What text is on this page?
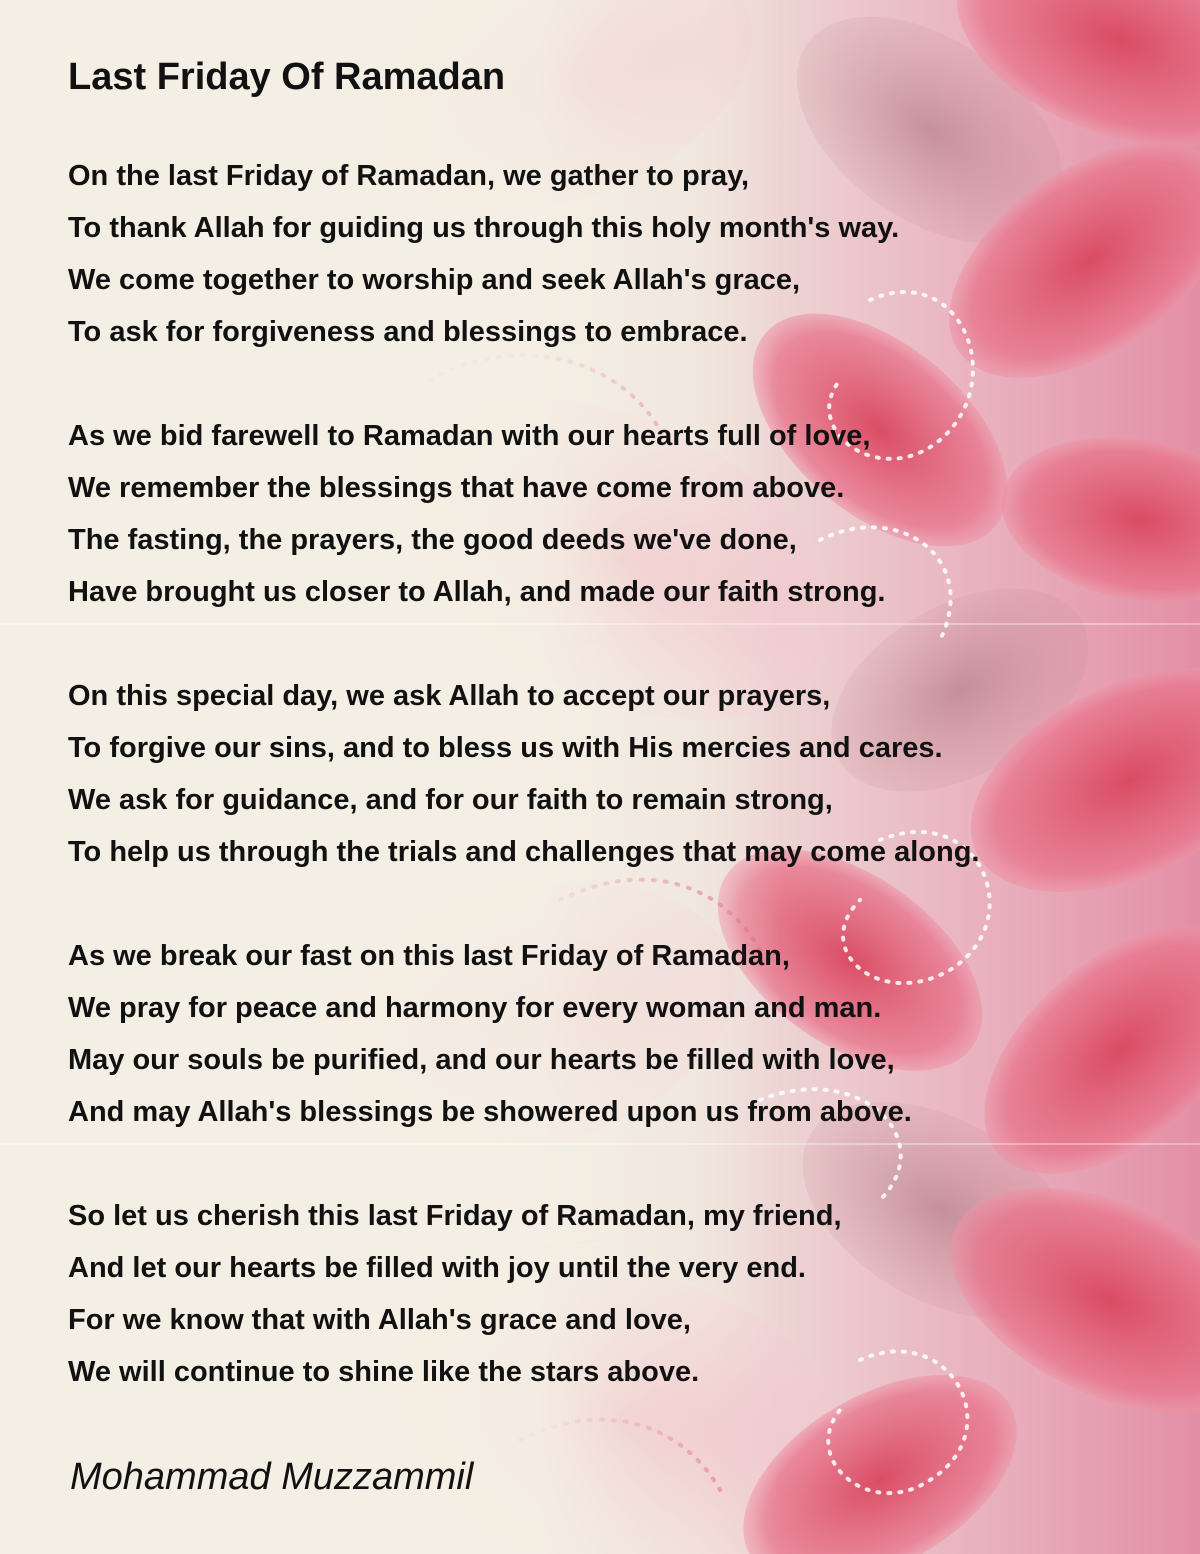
Last Friday Of Ramadan
On the last Friday of Ramadan, we gather to pray,
To thank Allah for guiding us through this holy month's way.
We come together to worship and seek Allah's grace,
To ask for forgiveness and blessings to embrace.
As we bid farewell to Ramadan with our hearts full of love,
We remember the blessings that have come from above.
The fasting, the prayers, the good deeds we've done,
Have brought us closer to Allah, and made our faith strong.
On this special day, we ask Allah to accept our prayers,
To forgive our sins, and to bless us with His mercies and cares.
We ask for guidance, and for our faith to remain strong,
To help us through the trials and challenges that may come along.
As we break our fast on this last Friday of Ramadan,
We pray for peace and harmony for every woman and man.
May our souls be purified, and our hearts be filled with love,
And may Allah's blessings be showered upon us from above.
So let us cherish this last Friday of Ramadan, my friend,
And let our hearts be filled with joy until the very end.
For we know that with Allah's grace and love,
We will continue to shine like the stars above.
Mohammad Muzzammil
